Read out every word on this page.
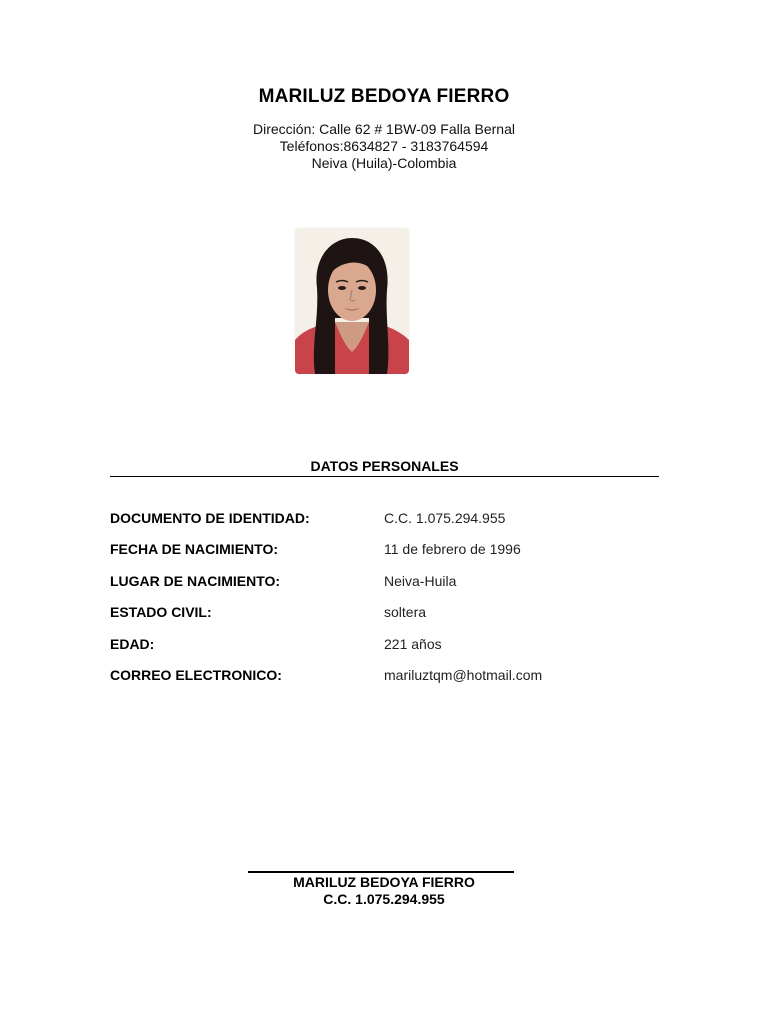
MARILUZ BEDOYA FIERRO
Dirección: Calle 62 # 1BW-09 Falla Bernal
Teléfonos:8634827 - 3183764594
Neiva (Huila)-Colombia
DATOS PERSONALES
DOCUMENTO DE IDENTIDAD:	C.C. 1.075.294.955
FECHA DE NACIMIENTO:	11 de febrero de 1996
LUGAR DE NACIMIENTO:	Neiva-Huila
ESTADO CIVIL:	soltera
EDAD:	221 años
CORREO ELECTRONICO:	mariluztqm@hotmail.com
MARILUZ BEDOYA FIERRO
C.C. 1.075.294.955
